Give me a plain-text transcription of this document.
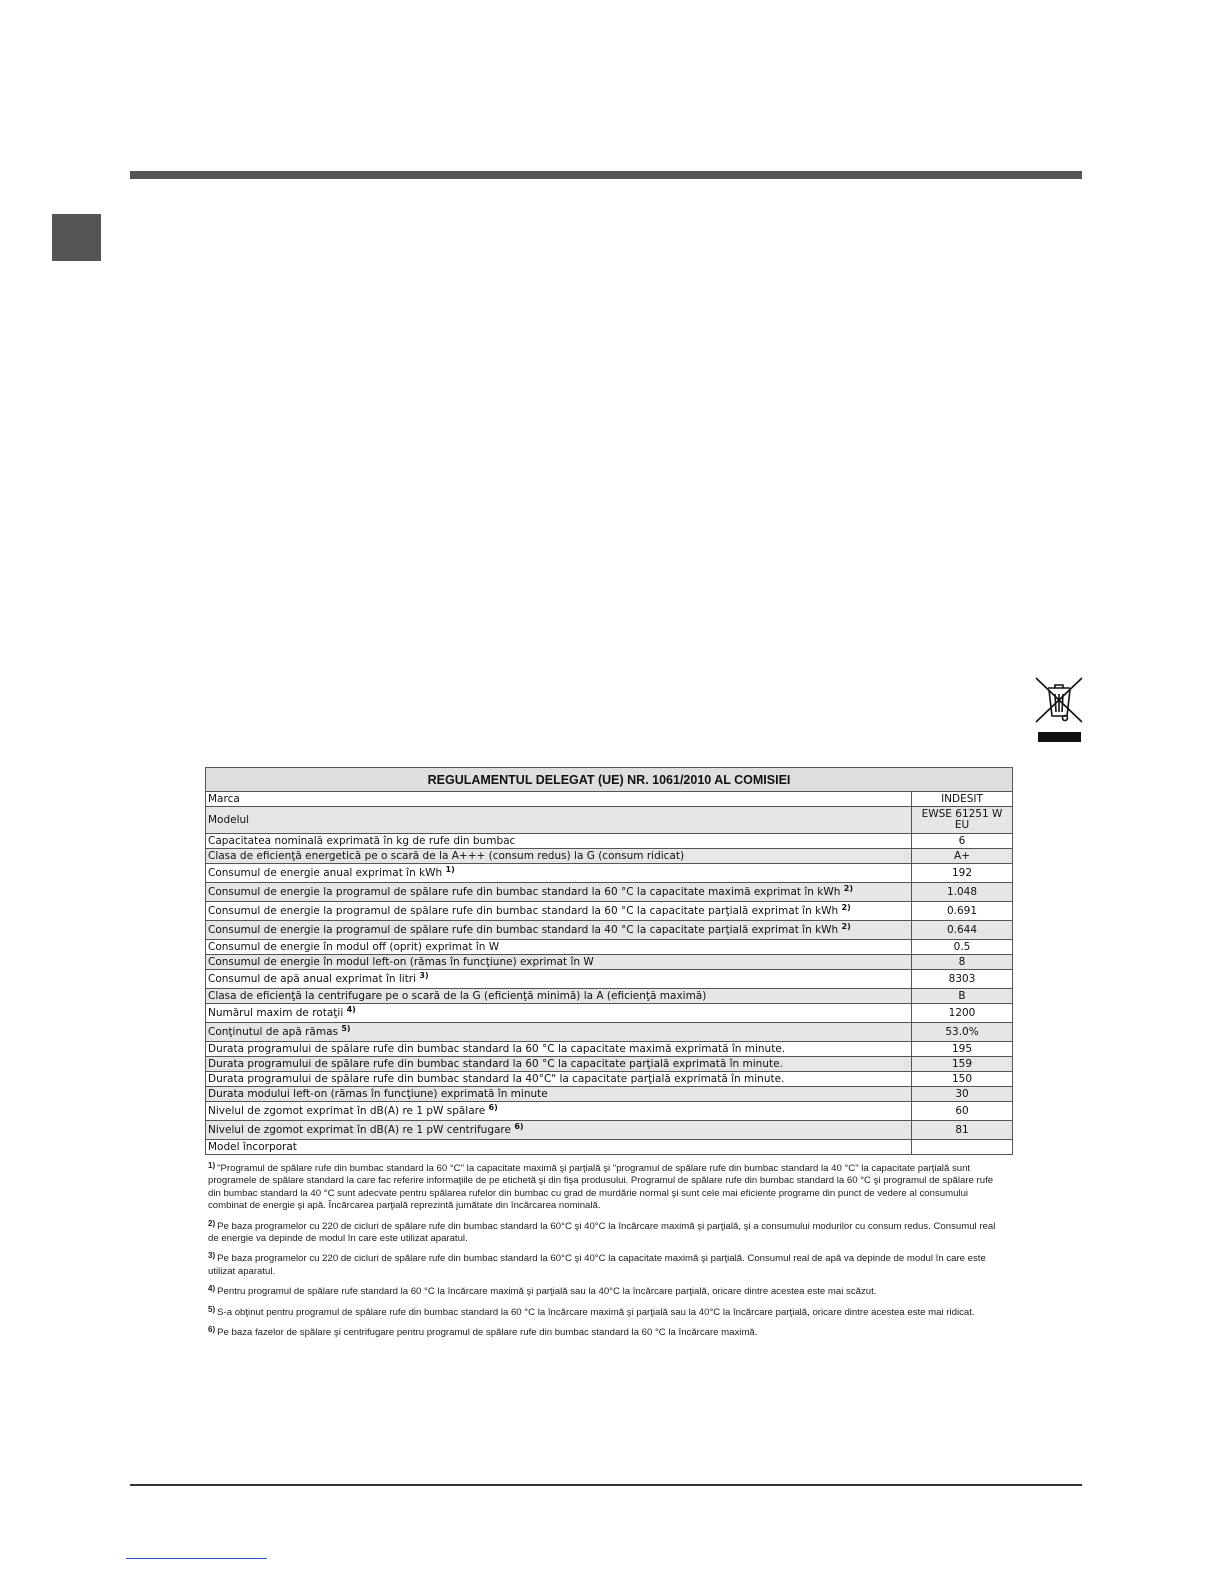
REGULAMENTUL DELEGAT (UE) NR. 1061/2010 AL COMISIEI	
Marca	INDESIT
Modelul	EWSE 61251 W EU
Capacitatea nominală exprimată în kg de rufe din bumbac	6
Clasa de eficienţă energetică pe o scară de la A+++ (consum redus) la G (consum ridicat)	A+
Consumul de energie anual exprimat în kWh $^{1)}$	192
Consumul de energie la programul de spălare rufe din bumbac standard la 60 °C la capacitate maximă exprimat în kWh $^{2)}$	1.048
Consumul de energie la programul de spălare rufe din bumbac standard la 60 °C la capacitate parţială exprimat în kWh $^{2)}$	0.691
Consumul de energie la programul de spălare rufe din bumbac standard la 40 °C la capacitate parţială exprimat în kWh $^{2)}$	0.644
Consumul de energie în modul off (oprit) exprimat în W	0.5
Consumul de energie în modul left-on (rămas în funcţiune) exprimat în W	8
Consumul de apă anual exprimat în litri $^{3)}$	8303
Clasa de eficienţă la centrifugare pe o scară de la G (eficienţă minimă) la A (eficienţă maximă)	B
Numărul maxim de rotaţii $^{4)}$	1200
Conţinutul de apă rămas $^{5)}$	53.0%
Durata programului de spălare rufe din bumbac standard la 60 °C la capacitate maximă exprimată în minute.	195
Durata programului de spălare rufe din bumbac standard la 60 °C la capacitate parţială exprimată în minute.	159
Durata programului de spălare rufe din bumbac standard la 40°C" la capacitate parţială exprimată în minute.	150
Durata modului left-on (rămas în funcţiune) exprimată în minute	30
Nivelul de zgomot exprimat în dB(A) re 1 pW spălare $^{6)}$	60
Nivelul de zgomot exprimat în dB(A) re 1 pW centrifugare $^{6)}$	81
Model încorporat	
$^{1)}$ "Programul de spălare rufe din bumbac standard la 60 °C" la capacitate maximă şi parţială şi "programul de spălare rufe din bumbac standard la 40 °C" la capacitate parţială sunt programele de spălare standard la care fac referire informaţiile de pe etichetă şi din fişa produsului. Programul de spălare rufe din bumbac standard la 60 °C şi programul de spălare rufe din bumbac standard la 40 °C sunt adecvate pentru spălarea rufelor din bumbac cu grad de murdărie normal şi sunt cele mai eficiente programe din punct de vedere al consumului combinat de energie şi apă. Încărcarea parţială reprezintă jumătate din încărcarea nominală.
$^{2)}$ Pe baza programelor cu 220 de cicluri de spălare rufe din bumbac standard la 60°C şi 40°C la încărcare maximă şi parţială, şi a consumului modurilor cu consum redus. Consumul real de energie va depinde de modul în care este utilizat aparatul.
$^{3)}$ Pe baza programelor cu 220 de cicluri de spălare rufe din bumbac standard la 60°C şi 40°C la capacitate maximă şi parţială. Consumul real de apă va depinde de modul în care este utilizat aparatul.
$^{4)}$ Pentru programul de spălare rufe standard la 60 °C la încărcare maximă şi parţială sau la 40°C la încărcare parţială, oricare dintre acestea este mai scăzut.
$^{5)}$ S-a obţinut pentru programul de spălare rufe din bumbac standard la 60 °C la încărcare maximă şi parţială sau la 40°C la încărcare parţială, oricare dintre acestea este mai ridicat.
$^{6)}$ Pe baza fazelor de spălare şi centrifugare pentru programul de spălare rufe din bumbac standard la 60 °C la încărcare maximă.
